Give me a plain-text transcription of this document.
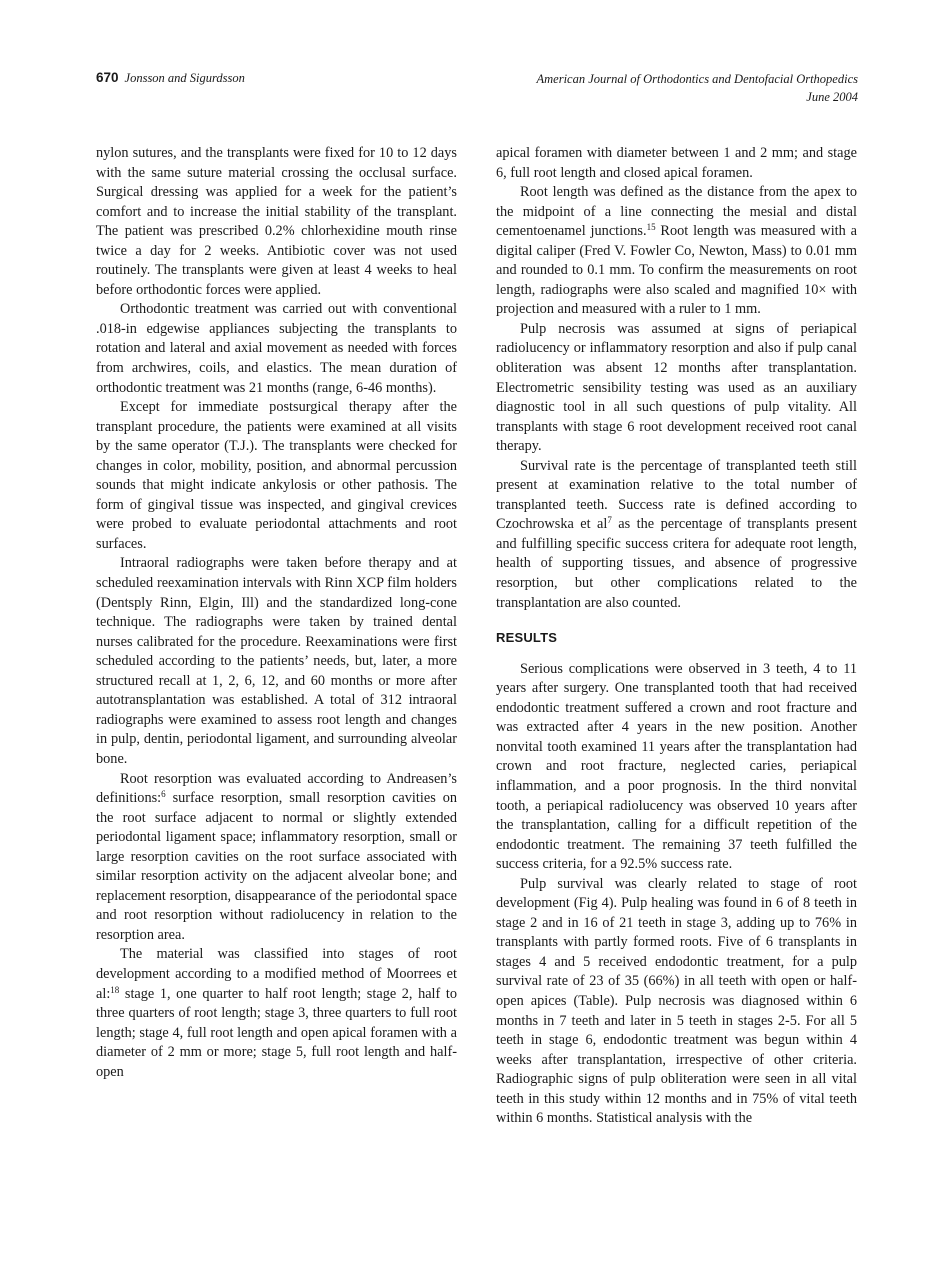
670 Jonsson and Sigurdsson	American Journal of Orthodontics and Dentofacial Orthopedics
June 2004

nylon sutures, and the transplants were fixed for 10 to 12 days with the same suture material crossing the occlusal surface. Surgical dressing was applied for a week for the patient’s comfort and to increase the initial stability of the transplant. The patient was prescribed 0.2% chlorhexidine mouth rinse twice a day for 2 weeks. Antibiotic cover was not used routinely. The transplants were given at least 4 weeks to heal before orthodontic forces were applied.

Orthodontic treatment was carried out with conventional .018-in edgewise appliances subjecting the transplants to rotation and lateral and axial movement as needed with forces from archwires, coils, and elastics. The mean duration of orthodontic treatment was 21 months (range, 6-46 months).

Except for immediate postsurgical therapy after the transplant procedure, the patients were examined at all visits by the same operator (T.J.). The transplants were checked for changes in color, mobility, position, and abnormal percussion sounds that might indicate ankylosis or other pathosis. The form of gingival tissue was inspected, and gingival crevices were probed to evaluate periodontal attachments and root surfaces.

Intraoral radiographs were taken before therapy and at scheduled reexamination intervals with Rinn XCP film holders (Dentsply Rinn, Elgin, Ill) and the standardized long-cone technique. The radiographs were taken by trained dental nurses calibrated for the procedure. Reexaminations were first scheduled according to the patients’ needs, but, later, a more structured recall at 1, 2, 6, 12, and 60 months or more after autotransplantation was established. A total of 312 intraoral radiographs were examined to assess root length and changes in pulp, dentin, periodontal ligament, and surrounding alveolar bone.

Root resorption was evaluated according to Andreasen’s definitions:$^6$ surface resorption, small resorption cavities on the root surface adjacent to normal or slightly extended periodontal ligament space; inflammatory resorption, small or large resorption cavities on the root surface associated with similar resorption activity on the adjacent alveolar bone; and replacement resorption, disappearance of the periodontal space and root resorption without radiolucency in relation to the resorption area.

The material was classified into stages of root development according to a modified method of Moorrees et al:$^{18}$ stage 1, one quarter to half root length; stage 2, half to three quarters of root length; stage 3, three quarters to full root length; stage 4, full root length and open apical foramen with a diameter of 2 mm or more; stage 5, full root length and half-open

apical foramen with diameter between 1 and 2 mm; and stage 6, full root length and closed apical foramen.

Root length was defined as the distance from the apex to the midpoint of a line connecting the mesial and distal cementoenamel junctions.$^{15}$ Root length was measured with a digital caliper (Fred V. Fowler Co, Newton, Mass) to 0.01 mm and rounded to 0.1 mm. To confirm the measurements on root length, radiographs were also scaled and magnified 10× with projection and measured with a ruler to 1 mm.

Pulp necrosis was assumed at signs of periapical radiolucency or inflammatory resorption and also if pulp canal obliteration was absent 12 months after transplantation. Electrometric sensibility testing was used as an auxiliary diagnostic tool in all such questions of pulp vitality. All transplants with stage 6 root development received root canal therapy.

Survival rate is the percentage of transplanted teeth still present at examination relative to the total number of transplanted teeth. Success rate is defined according to Czochrowska et $al^7$ as the percentage of transplants present and fulfilling specific success critera for adequate root length, health of supporting tissues, and absence of progressive resorption, but other complications related to the transplantation are also counted.

RESULTS

Serious complications were observed in 3 teeth, 4 to 11 years after surgery. One transplanted tooth that had received endodontic treatment suffered a crown and root fracture and was extracted after 4 years in the new position. Another nonvital tooth examined 11 years after the transplantation had crown and root fracture, neglected caries, periapical inflammation, and a poor prognosis. In the third nonvital tooth, a periapical radiolucency was observed 10 years after the transplantation, calling for a difficult repetition of the endodontic treatment. The remaining 37 teeth fulfilled the success criteria, for a 92.5% success rate.

Pulp survival was clearly related to stage of root development (Fig 4). Pulp healing was found in 6 of 8 teeth in stage 2 and in 16 of 21 teeth in stage 3, adding up to 76% in transplants with partly formed roots. Five of 6 transplants in stages 4 and 5 received endodontic treatment, for a pulp survival rate of 23 of 35 (66%) in all teeth with open or half-open apices (Table). Pulp necrosis was diagnosed within 6 months in 7 teeth and later in 5 teeth in stages 2-5. For all 5 teeth in stage 6, endodontic treatment was begun within 4 weeks after transplantation, irrespective of other criteria. Radiographic signs of pulp obliteration were seen in all vital teeth in this study within 12 months and in 75% of vital teeth within 6 months. Statistical analysis with the
